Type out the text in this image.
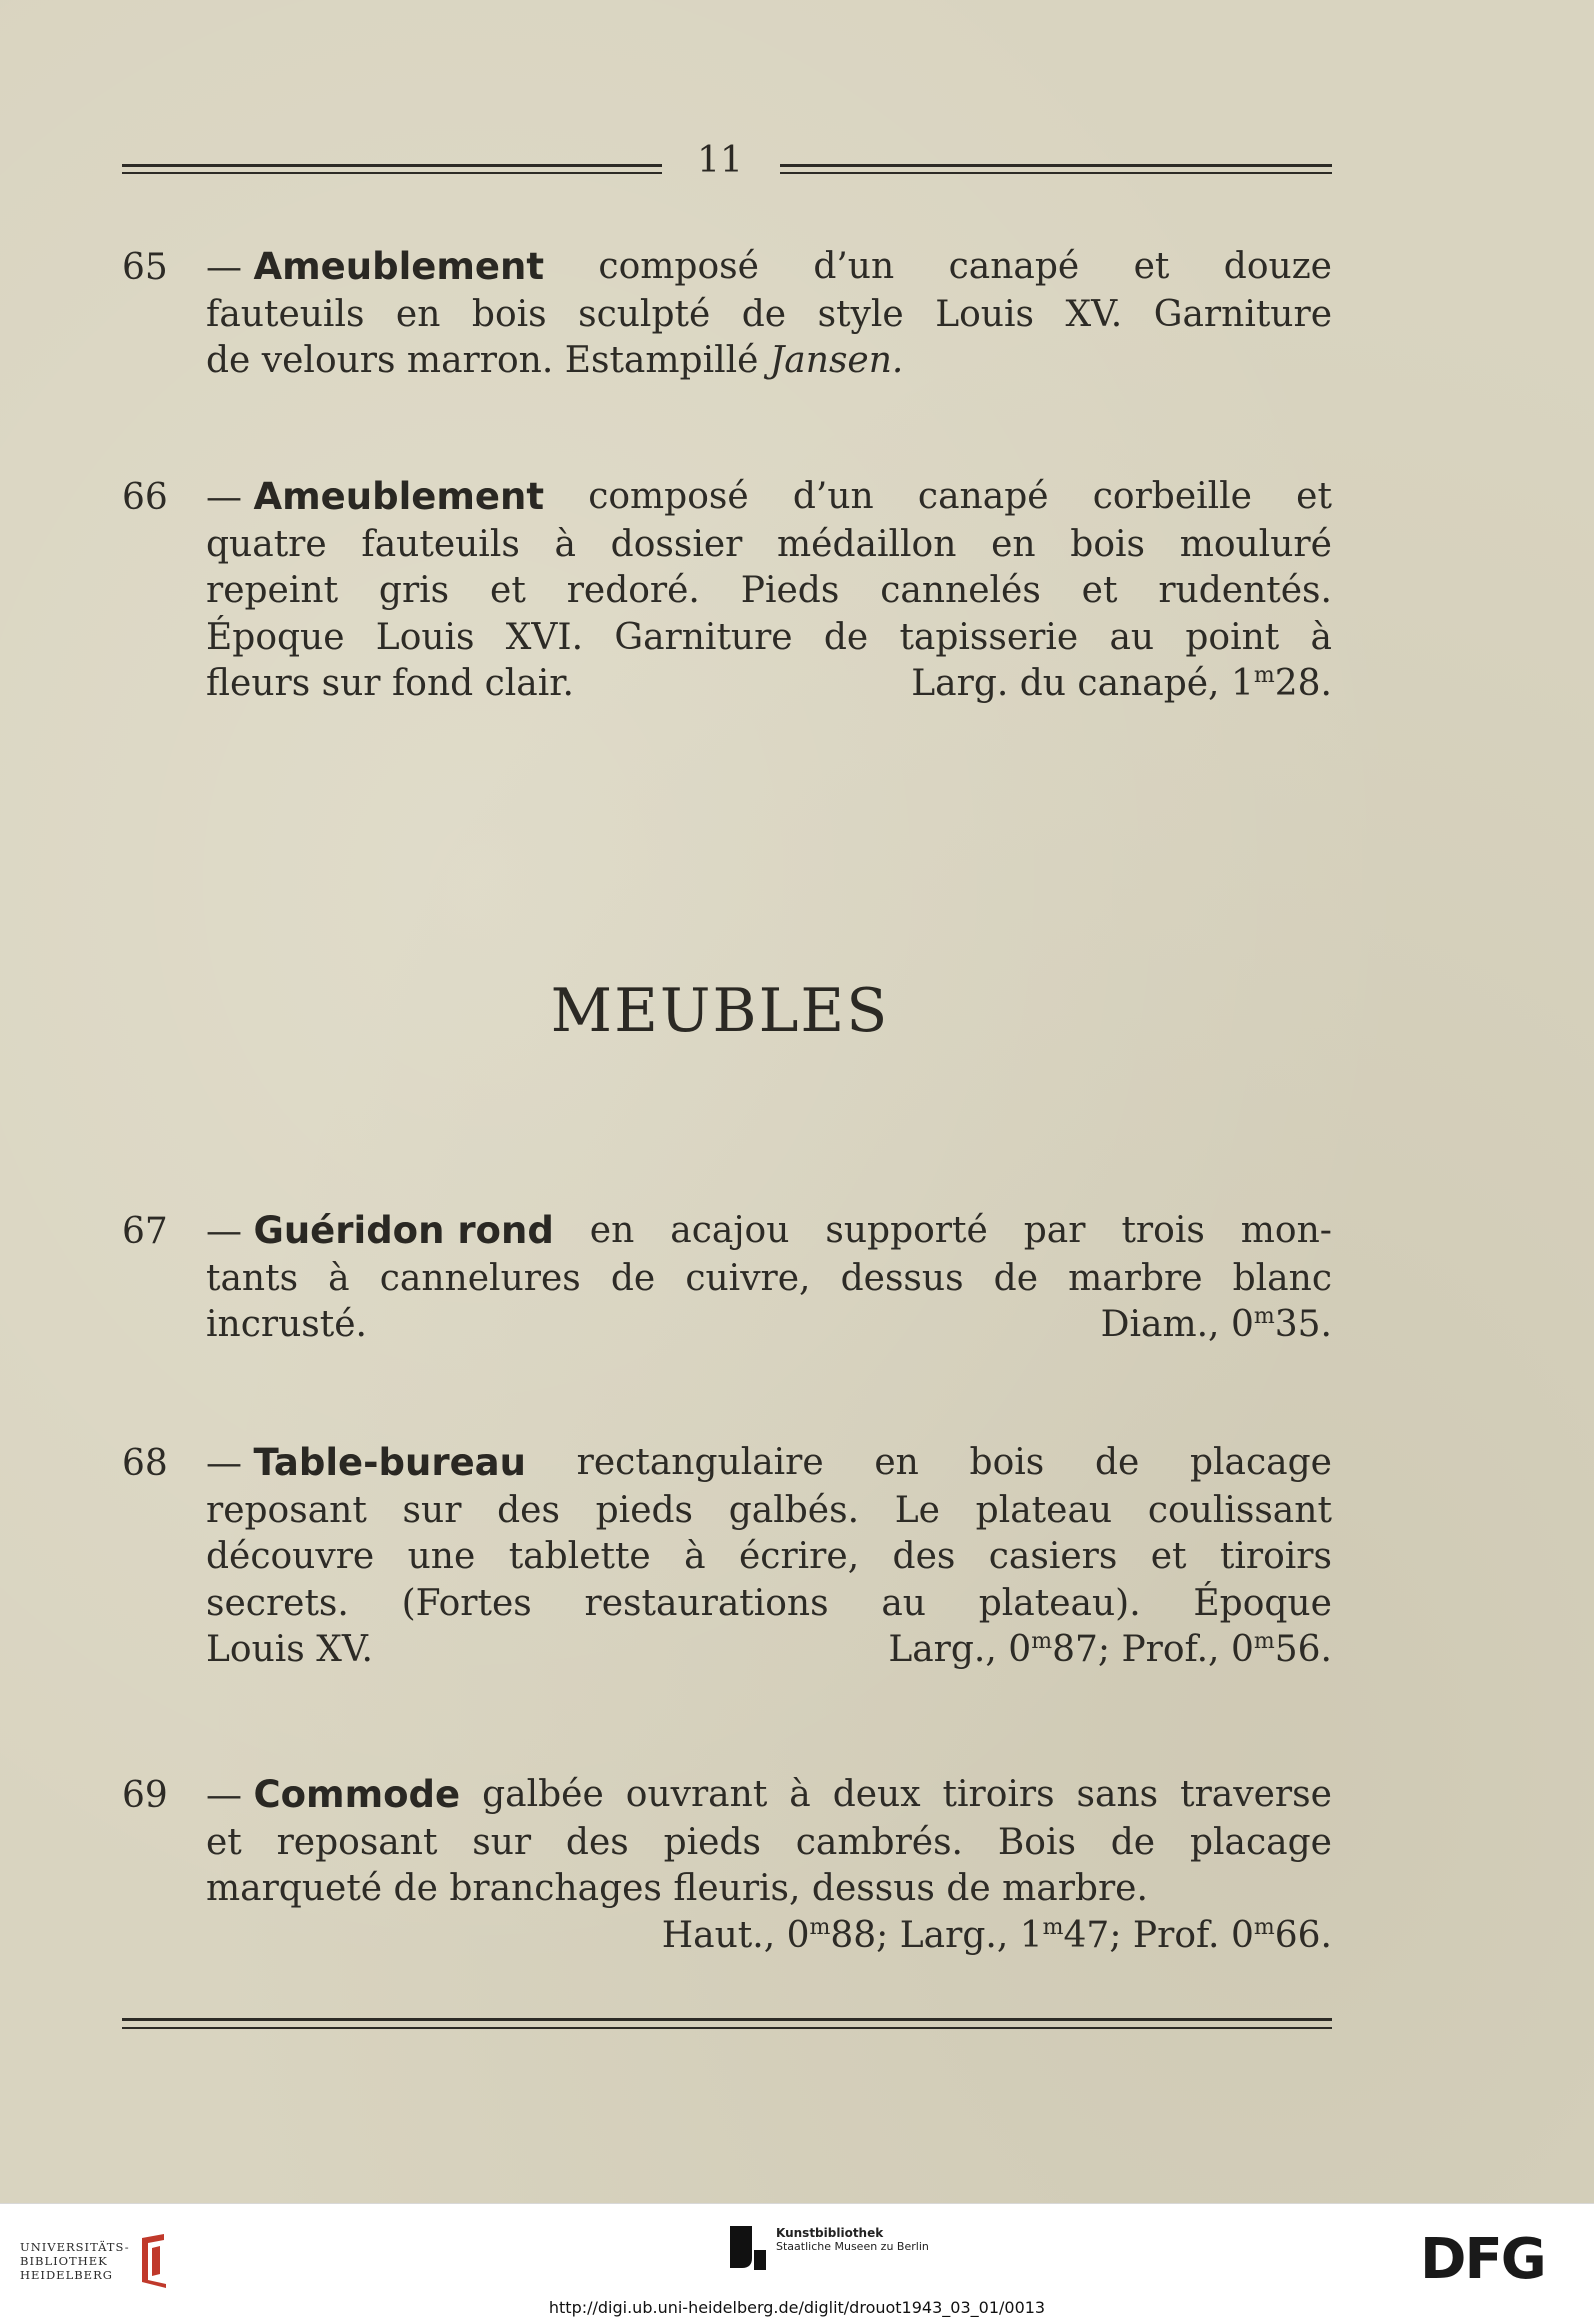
11
65 — Ameublement composé d’un canapé et douze
fauteuils en bois sculpté de style Louis XV. Garniture
de velours marron. Estampillé
Jansen.
66 — Ameublement composé d’un canapé corbeille et
quatre fauteuils à dossier médaillon en bois mouluré
repeint gris et redoré. Pieds cannelés et rudentés.
Époque Louis XVI. Garniture de tapisserie au point à
fleurs sur fond clair.	Larg. du canapé, 1$^m$28.
MEUBLES
67 — Guéridon rond en acajou supporté par trois mon-
tants à cannelures de cuivre, dessus de marbre blanc
incrusté.	Diam., 0$^m$35.
68 — Table-bureau rectangulaire en bois de placage
reposant sur des pieds galbés. Le plateau coulissant
découvre une tablette à écrire, des casiers et tiroirs
secrets. (Fortes restaurations au plateau). Époque
Louis XV.	Larg., 0$^m$87; Prof., 0$^m$56.
69 — Commode galbée ouvrant à deux tiroirs sans traverse
et reposant sur des pieds cambrés. Bois de placage
marqueté de branchages fleuris, dessus de marbre.
Haut., 0$^m$88; Larg., 1$^m$47; Prof. 0$^m$66.
UNIVERSITÄTS-
BIBLIOTHEK
HEIDELBERG
Kunstbibliothek
Staatliche Museen zu Berlin	DFG
http://digi.ub.uni-heidelberg.de/diglit/drouot1943_03_01/0013
